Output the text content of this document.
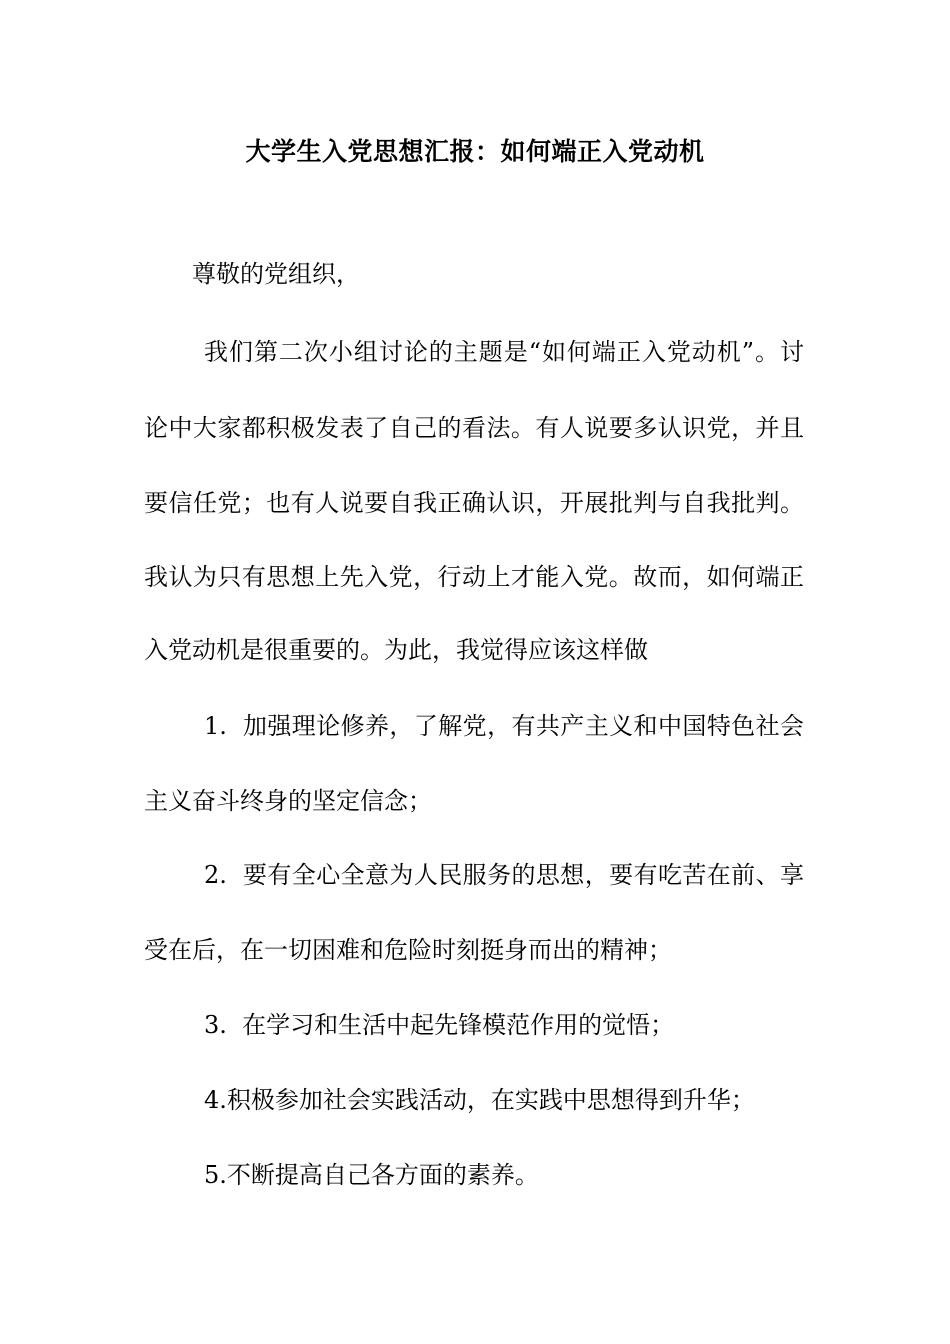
大学生入党思想汇报：如何端正入党动机
尊敬的党组织，
我们第二次小组讨论的主题是“如何端正入党动机”。讨
论中大家都积极发表了自己的看法。有人说要多认识党，并且
要信任党；也有人说要自我正确认识，开展批判与自我批判。
我认为只有思想上先入党，行动上才能入党。故而，如何端正
入党动机是很重要的。为此，我觉得应该这样做
1.  加强理论修养，了解党，有共产主义和中国特色社会
主义奋斗终身的坚定信念；
2.  要有全心全意为人民服务的思想，要有吃苦在前、享
受在后，在一切困难和危险时刻挺身而出的精神；
3.  在学习和生活中起先锋模范作用的觉悟；
4.积极参加社会实践活动，在实践中思想得到升华；
5.不断提高自己各方面的素养。
